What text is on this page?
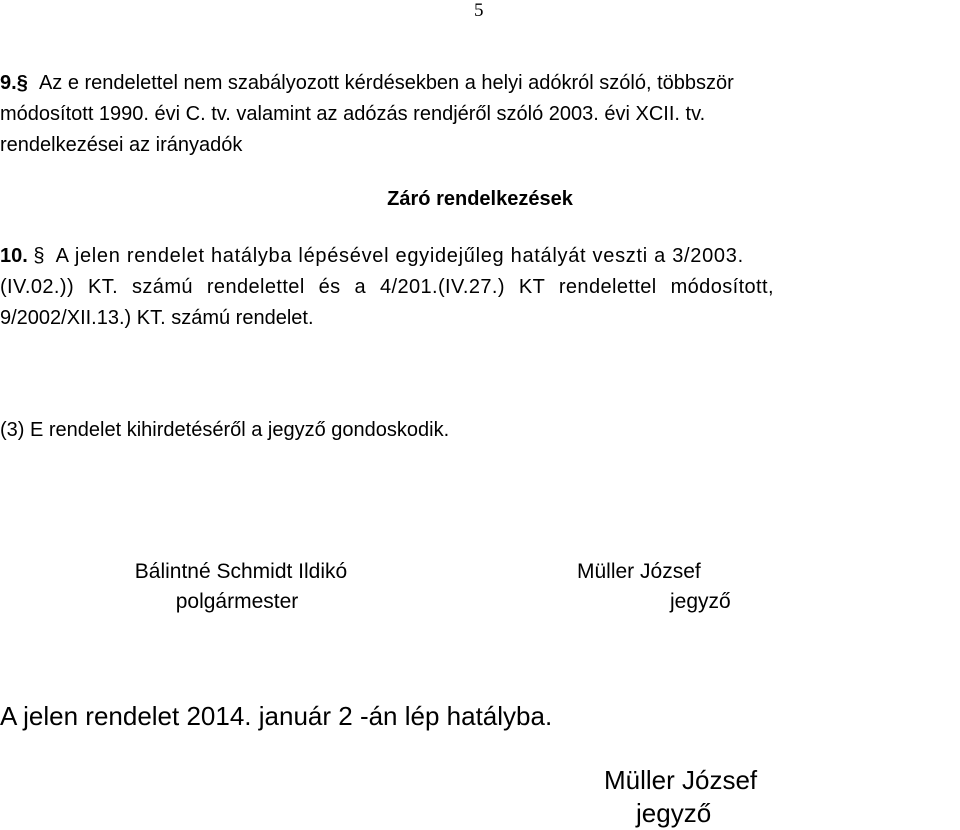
5
9.§ Az e rendelettel nem szabályozott kérdésekben a helyi adókról szóló, többször
módosított 1990. évi C. tv. valamint az adózás rendjéről szóló 2003. évi XCII. tv.
rendelkezései az irányadók
Záró rendelkezések
10. § A jelen rendelet hatályba lépésével egyidejűleg hatályát veszti a 3/2003.
(IV.02.)) KT. számú rendelettel és a 4/201.(IV.27.) KT rendelettel módosított,
9/2002/XII.13.) KT. számú rendelet.
(3) E rendelet kihirdetéséről a jegyző gondoskodik.
Bálintné Schmidt Ildikó
polgármester
Müller József
jegyző
A jelen rendelet 2014. január 2 -án lép hatályba.
Müller József
jegyző
